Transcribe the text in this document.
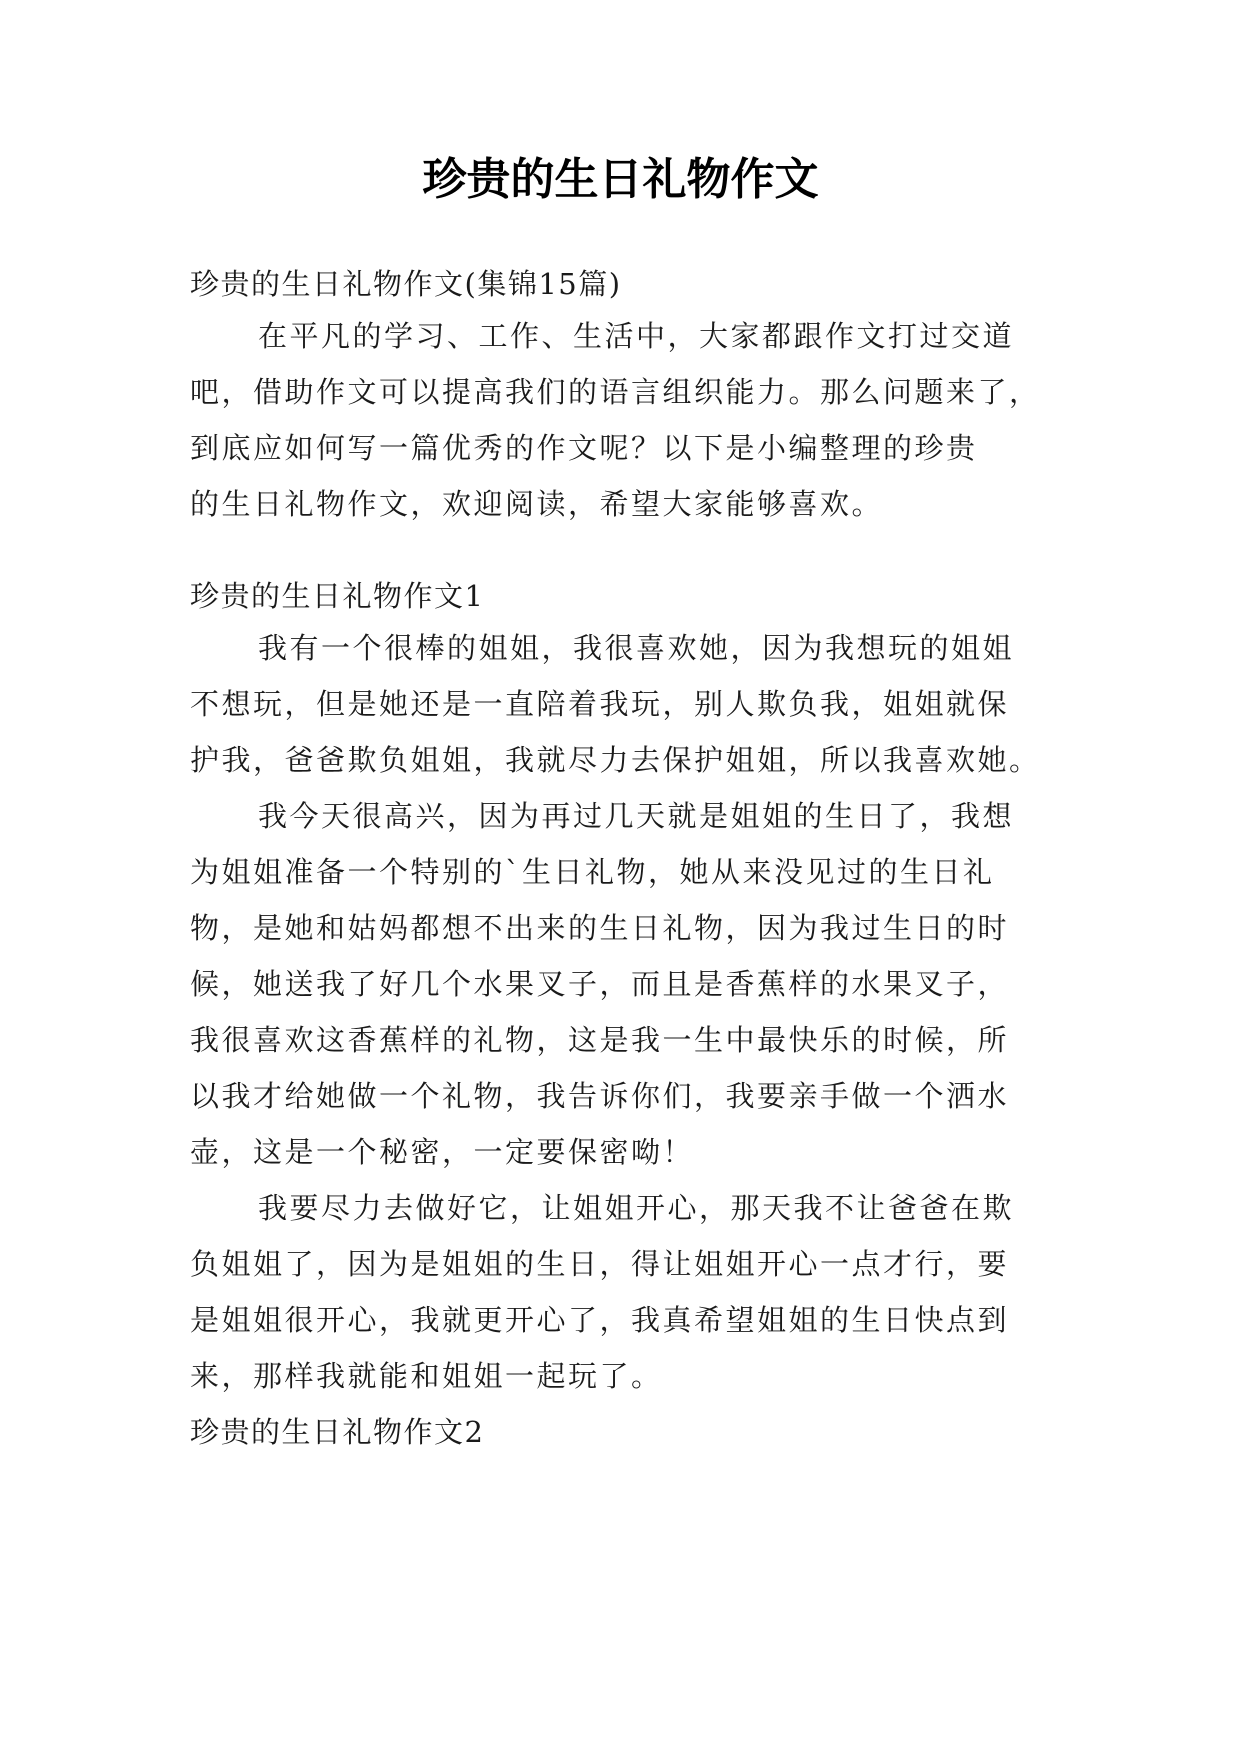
珍贵的生日礼物作文

珍贵的生日礼物作文(集锦15篇)

在平凡的学习、工作、生活中，大家都跟作文打过交道

吧，借助作文可以提高我们的语言组织能力。那么问题来了，

到底应如何写一篇优秀的作文呢？以下是小编整理的珍贵

的生日礼物作文，欢迎阅读，希望大家能够喜欢。

珍贵的生日礼物作文1

我有一个很棒的姐姐，我很喜欢她，因为我想玩的姐姐

不想玩，但是她还是一直陪着我玩，别人欺负我，姐姐就保

护我，爸爸欺负姐姐，我就尽力去保护姐姐，所以我喜欢她。

我今天很高兴，因为再过几天就是姐姐的生日了，我想

为姐姐准备一个特别的`生日礼物，她从来没见过的生日礼

物，是她和姑妈都想不出来的生日礼物，因为我过生日的时

候，她送我了好几个水果叉子，而且是香蕉样的水果叉子，

我很喜欢这香蕉样的礼物，这是我一生中最快乐的时候，所

以我才给她做一个礼物，我告诉你们，我要亲手做一个洒水

壶，这是一个秘密，一定要保密呦！

我要尽力去做好它，让姐姐开心，那天我不让爸爸在欺

负姐姐了，因为是姐姐的生日，得让姐姐开心一点才行，要

是姐姐很开心，我就更开心了，我真希望姐姐的生日快点到

来，那样我就能和姐姐一起玩了。

珍贵的生日礼物作文2
